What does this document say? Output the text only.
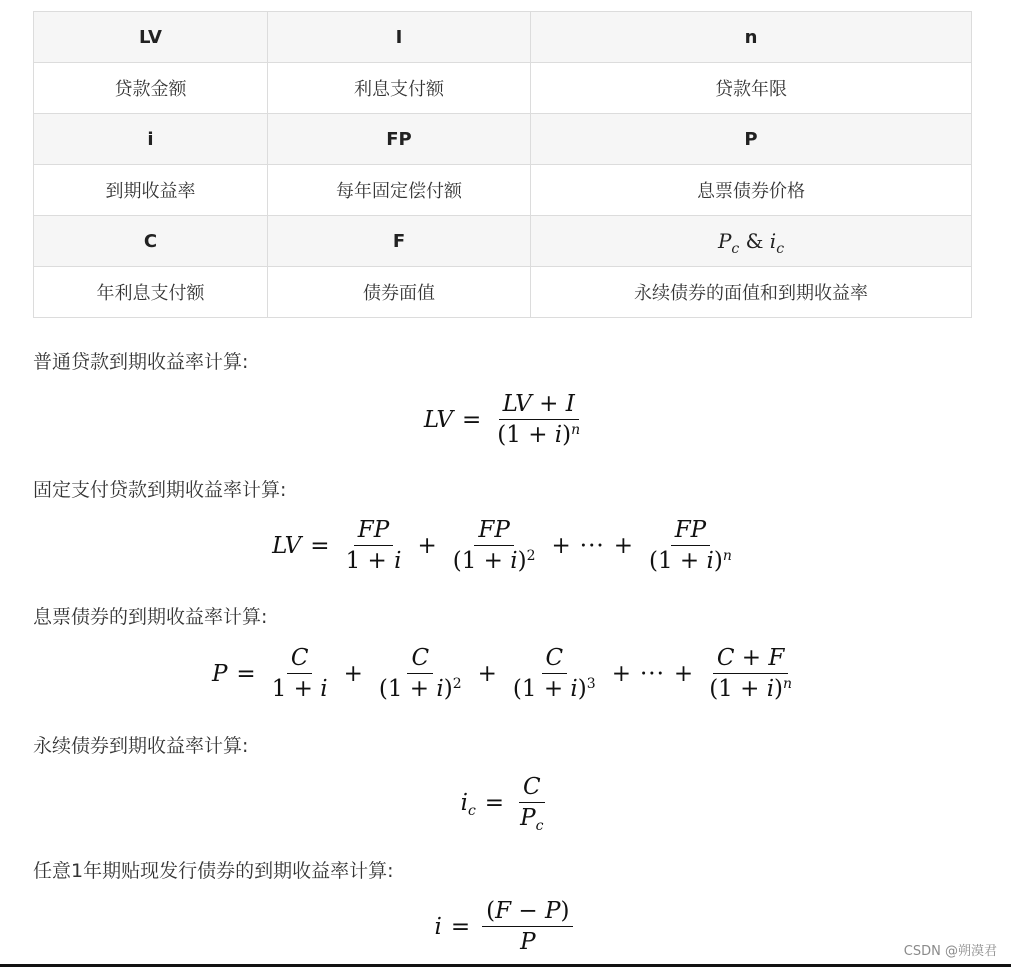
LV	I	n
贷款金额	利息支付额	贷款年限
i	FP	P
到期收益率	每年固定偿付额	息票债券价格
C	F	$P_c$ & $i_c$
年利息支付额	债券面值	永续债券的面值和到期收益率
普通贷款到期收益率计算:
LV = $\frac{LV + I}{(1 + i)^n}$
固定支付贷款到期收益率计算:
LV = $\frac{FP}{1 + i} + \frac{FP}{(1 + i)^2}$ + ··· + $\frac{FP}{(1 + i)^n}$
息票债券的到期收益率计算:
$P = \frac{C}{1 + i} + \frac{C}{(1 + i)^2} + \frac{C}{(1 + i)^3}$ + ··· + $\frac{C + F}{(1 + i)^n}$
永续债券到期收益率计算:
$i_c = \frac{C}{P_c}$
任意1年期贴现发行债券的到期收益率计算:
$i = \frac{(F - P)}{P}$	CSDN @朔漠君
